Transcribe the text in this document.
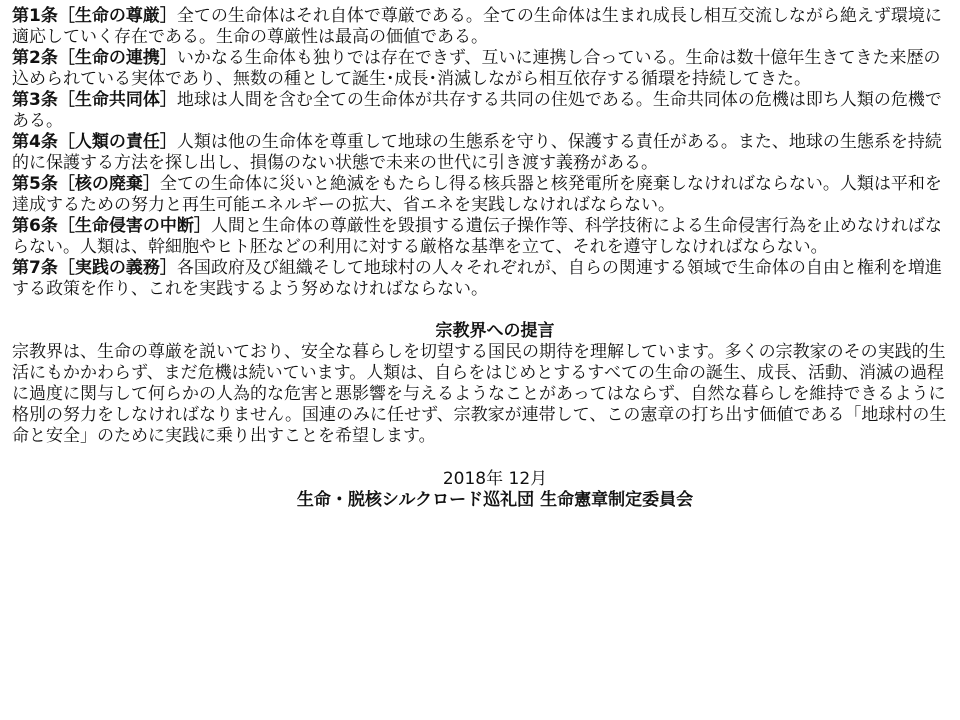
第1条［生命の尊厳］全ての生命体はそれ自体で尊厳である。全ての生命体は生まれ成長し相互交流しながら絶えず環境に適応していく存在である。生命の尊厳性は最高の価値である。

第2条［生命の連携］いかなる生命体も独りでは存在できず、互いに連携し合っている。生命は数十億年生きてきた来歴の込められている実体であり、無数の種として誕生･成長･消滅しながら相互依存する循環を持続してきた。

第3条［生命共同体］地球は人間を含む全ての生命体が共存する共同の住処である。生命共同体の危機は即ち人類の危機である。

第4条［人類の責任］人類は他の生命体を尊重して地球の生態系を守り、保護する責任がある。また、地球の生態系を持続的に保護する方法を探し出し、損傷のない状態で未来の世代に引き渡す義務がある。

第5条［核の廃棄］全ての生命体に災いと絶滅をもたらし得る核兵器と核発電所を廃棄しなければならない。人類は平和を達成するための努力と再生可能エネルギーの拡大、省エネを実践しなければならない。

第6条［生命侵害の中断］人間と生命体の尊厳性を毀損する遺伝子操作等、科学技術による生命侵害行為を止めなければならない。人類は、幹細胞やヒト胚などの利用に対する厳格な基準を立て、それを遵守しなければならない。

第7条［実践の義務］各国政府及び組織そして地球村の人々それぞれが、自らの関連する領域で生命体の自由と権利を増進する政策を作り、これを実践するよう努めなければならない。

宗教界への提言

宗教界は、生命の尊厳を説いており、安全な暮らしを切望する国民の期待を理解しています。多くの宗教家のその実践的生活にもかかわらず、まだ危機は続いています。人類は、自らをはじめとするすべての生命の誕生、成長、活動、消滅の過程に過度に関与して何らかの人為的な危害と悪影響を与えるようなことがあってはならず、自然な暮らしを維持できるように格別の努力をしなければなりません。国連のみに任せず、宗教家が連帯して、この憲章の打ち出す価値である「地球村の生命と安全」のために実践に乗り出すことを希望します。

2018年 12月
生命・脱核シルクロード巡礼団 生命憲章制定委員会
